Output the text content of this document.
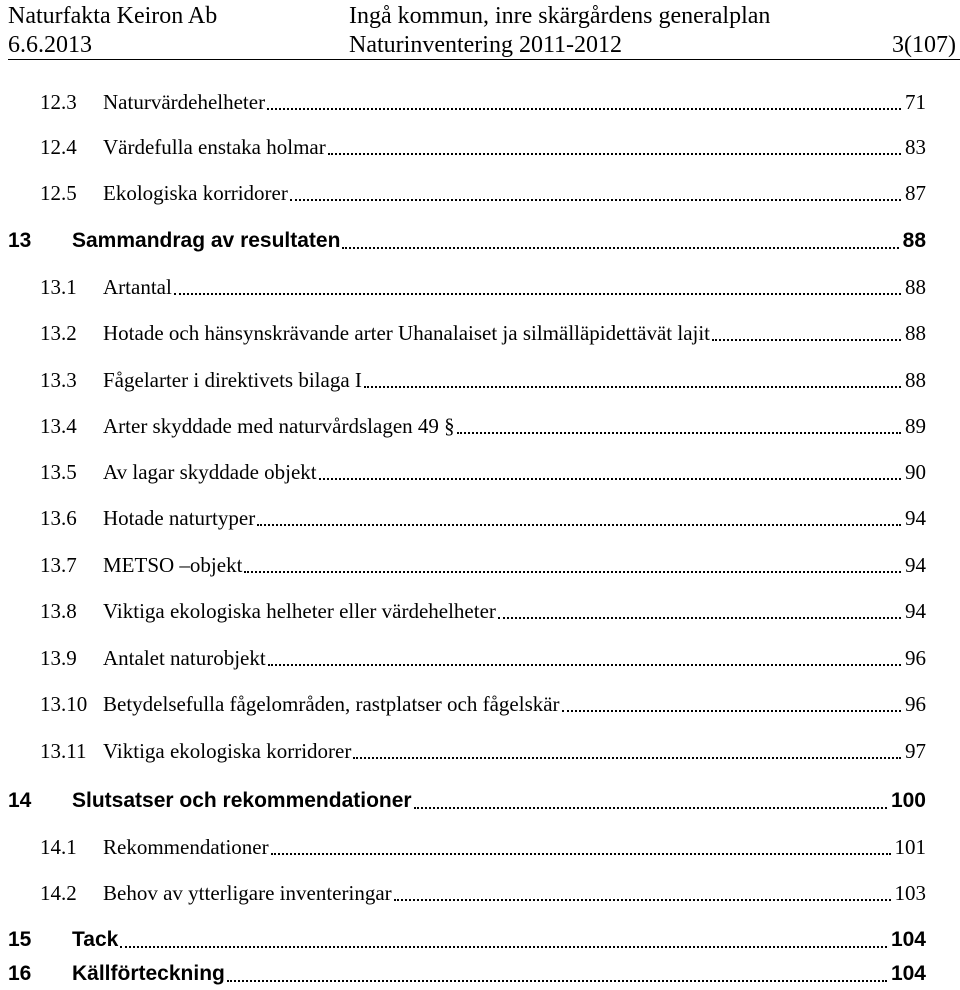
Naturfakta Keiron Ab
6.6.2013
Ingå kommun, inre skärgårdens generalplan
Naturinventering 2011-2012	3(107)
12.3 Naturvärdehelheter	71
12.4 Värdefulla enstaka holmar	83
12.5 Ekologiska korridorer	87
13 Sammandrag av resultaten	88
13.1 Artantal	88
13.2 Hotade och hänsynskrävande arter Uhanalaiset ja silmälläpidettävät lajit	88
13.3 Fågelarter i direktivets bilaga I	88
13.4 Arter skyddade med naturvårdslagen 49 §	89
13.5 Av lagar skyddade objekt	90
13.6 Hotade naturtyper	94
13.7 METSO –objekt	94
13.8 Viktiga ekologiska helheter eller värdehelheter	94
13.9 Antalet naturobjekt	96
13.10 Betydelsefulla fågelområden, rastplatser och fågelskär	96
13.11 Viktiga ekologiska korridorer	97
14 Slutsatser och rekommendationer	100
14.1 Rekommendationer	101
14.2 Behov av ytterligare inventeringar	103
15 Tack	104
16 Källförteckning	104
